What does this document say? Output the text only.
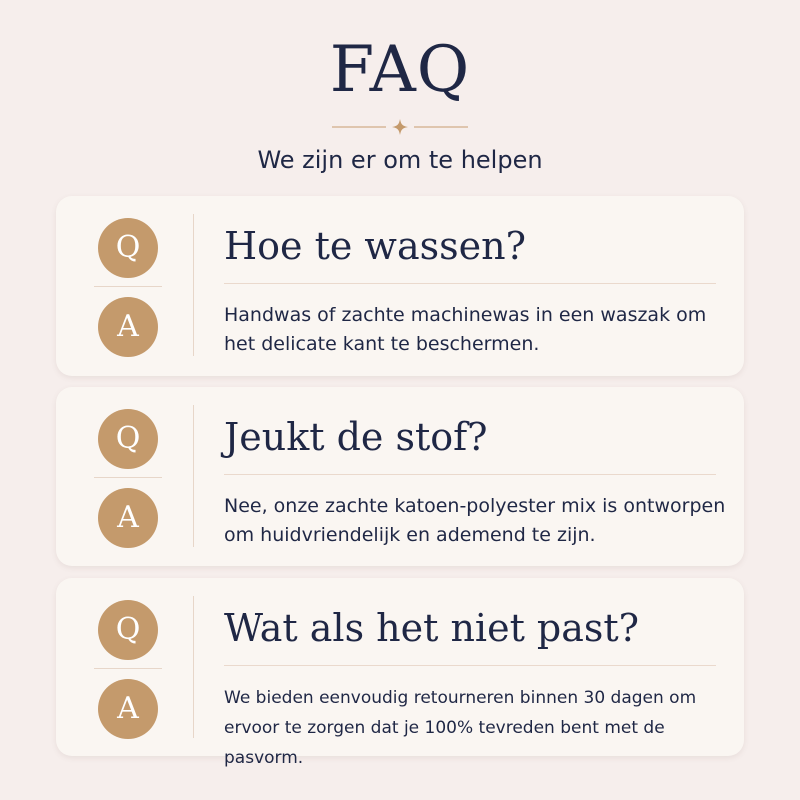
FAQ
We zijn er om te helpen
Q
A
Hoe te wassen?
Handwas of zachte machinewas in een waszak om het delicate kant te beschermen.
Q
A
Jeukt de stof?
Nee, onze zachte katoen-polyester mix is ontworpen om huidvriendelijk en ademend te zijn.
Q
A
Wat als het niet past?
We bieden eenvoudig retourneren binnen 30 dagen om ervoor te zorgen dat je 100% tevreden bent met de pasvorm.
